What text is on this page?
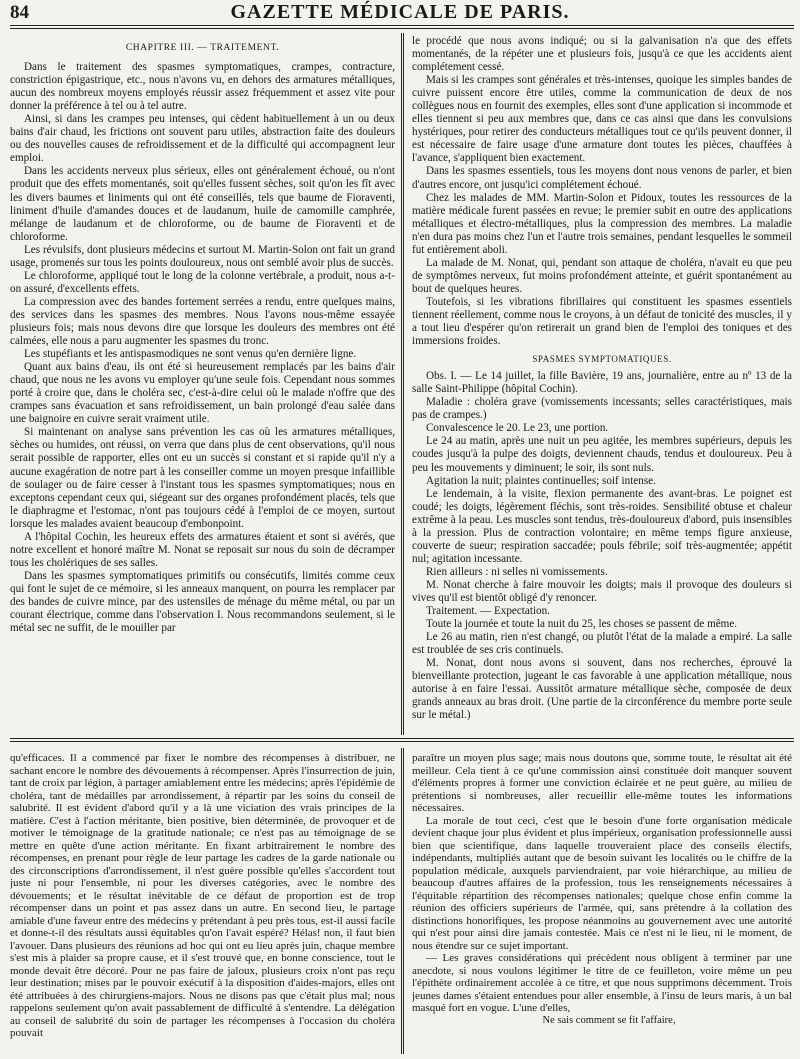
84	GAZETTE MÉDICALE DE PARIS.
CHAPITRE III. — TRAITEMENT.

Dans le traitement des spasmes symptomatiques, crampes, contracture, constriction épigastrique, etc., nous n'avons vu, en dehors des armatures métalliques, aucun des nombreux moyens employés réussir assez fréquemment et assez vite pour donner la préférence à tel ou à tel autre.

Ainsi, si dans les crampes peu intenses, qui cèdent habituellement à un ou deux bains d'air chaud, les frictions ont souvent paru utiles, abstraction faite des douleurs ou des nouvelles causes de refroidissement et de la difficulté qui accompagnent leur emploi.

Dans les accidents nerveux plus sérieux, elles ont généralement échoué, ou n'ont produit que des effets momentanés, soit qu'elles fussent sèches, soit qu'on les fît avec les divers baumes et liniments qui ont été conseillés, tels que baume de Fioraventi, liniment d'huile d'amandes douces et de laudanum, huile de camomille camphrée, mélange de laudanum et de chloroforme, ou de baume de Fioraventi et de chloroforme.

Les révulsifs, dont plusieurs médecins et surtout M. Martin-Solon ont fait un grand usage, promenés sur tous les points douloureux, nous ont semblé avoir plus de succès.

Le chloroforme, appliqué tout le long de la colonne vertébrale, a produit, nous a-t-on assuré, d'excellents effets.

La compression avec des bandes fortement serrées a rendu, entre quelques mains, des services dans les spasmes des membres. Nous l'avons nous-même essayée plusieurs fois; mais nous devons dire que lorsque les douleurs des membres ont été calmées, elle nous a paru augmenter les spasmes du tronc.

Les stupéfiants et les antispasmodiques ne sont venus qu'en dernière ligne.

Quant aux bains d'eau, ils ont été si heureusement remplacés par les bains d'air chaud, que nous ne les avons vu employer qu'une seule fois. Cependant nous sommes porté à croire que, dans le choléra sec, c'est-à-dire celui où le malade n'offre que des crampes sans évacuation et sans refroidissement, un bain prolongé d'eau salée dans une baignoire en cuivre serait vraiment utile.

Si maintenant on analyse sans prévention les cas où les armatures métalliques, sèches ou humides, ont réussi, on verra que dans plus de cent observations, qu'il nous serait possible de rapporter, elles ont eu un succès si constant et si rapide qu'il n'y a aucune exagération de notre part à les conseiller comme un moyen presque infaillible de soulager ou de faire cesser à l'instant tous les spasmes symptomatiques; nous en exceptons cependant ceux qui, siégeant sur des organes profondément placés, tels que le diaphragme et l'estomac, n'ont pas toujours cédé à l'emploi de ce moyen, surtout lorsque les malades avaient beaucoup d'embonpoint.

A l'hôpital Cochin, les heureux effets des armatures étaient et sont si avérés, que notre excellent et honoré maître M. Nonat se reposait sur nous du soin de décramper tous les cholériques de ses salles.

Dans les spasmes symptomatiques primitifs ou consécutifs, limités comme ceux qui font le sujet de ce mémoire, si les anneaux manquent, on pourra les remplacer par des bandes de cuivre mince, par des ustensiles de ménage du même métal, ou par un courant électrique, comme dans l'observation I. Nous recommandons seulement, si le métal sec ne suffit, de le mouiller par

le procédé que nous avons indiqué; ou si la galvanisation n'a que des effets momentanés, de la répéter une et plusieurs fois, jusqu'à ce que les accidents aient complétement cessé.

Mais si les crampes sont générales et très-intenses, quoique les simples bandes de cuivre puissent encore être utiles, comme la communication de deux de nos collègues nous en fournit des exemples, elles sont d'une application si incommode et elles tiennent si peu aux membres que, dans ce cas ainsi que dans les convulsions hystériques, pour retirer des conducteurs métalliques tout ce qu'ils peuvent donner, il est nécessaire de faire usage d'une armature dont toutes les pièces, chauffées à l'avance, s'appliquent bien exactement.

Dans les spasmes essentiels, tous les moyens dont nous venons de parler, et bien d'autres encore, ont jusqu'ici complétement échoué.

Chez les malades de MM. Martin-Solon et Pidoux, toutes les ressources de la matière médicale furent passées en revue; le premier subit en outre des applications métalliques et électro-métalliques, plus la compression des membres. La maladie n'en dura pas moins chez l'un et l'autre trois semaines, pendant lesquelles le sommeil fut entièrement aboli.

La malade de M. Nonat, qui, pendant son attaque de choléra, n'avait eu que peu de symptômes nerveux, fut moins profondément atteinte, et guérit spontanément au bout de quelques heures.

Toutefois, si les vibrations fibrillaires qui constituent les spasmes essentiels tiennent réellement, comme nous le croyons, à un défaut de tonicité des muscles, il y a tout lieu d'espérer qu'on retirerait un grand bien de l'emploi des toniques et des immersions froides.

SPASMES SYMPTOMATIQUES.

Obs. I. — Le 14 juillet, la fille Bavière, 19 ans, journalière, entre au nº 13 de la salle Saint-Philippe (hôpital Cochin).

Maladie : choléra grave (vomissements incessants; selles caractéristiques, mais pas de crampes.)

Convalescence le 20. Le 23, une portion.

Le 24 au matin, après une nuit un peu agitée, les membres supérieurs, depuis les coudes jusqu'à la pulpe des doigts, deviennent chauds, tendus et douloureux. Peu à peu les mouvements y diminuent; le soir, ils sont nuls.

Agitation la nuit; plaintes continuelles; soif intense.

Le lendemain, à la visite, flexion permanente des avant-bras. Le poignet est coudé; les doigts, légèrement fléchis, sont très-roides. Sensibilité obtuse et chaleur extrême à la peau. Les muscles sont tendus, très-douloureux d'abord, puis insensibles à la pression. Plus de contraction volontaire; en même temps figure anxieuse, couverte de sueur; respiration saccadée; pouls fébrile; soif très-augmentée; appétit nul; agitation incessante.

Rien ailleurs : ni selles ni vomissements.

M. Nonat cherche à faire mouvoir les doigts; mais il provoque des douleurs si vives qu'il est bientôt obligé d'y renoncer.

Traitement. — Expectation.

Toute la journée et toute la nuit du 25, les choses se passent de même.

Le 26 au matin, rien n'est changé, ou plutôt l'état de la malade a empiré. La salle est troublée de ses cris continuels.

M. Nonat, dont nous avons si souvent, dans nos recherches, éprouvé la bienveillante protection, jugeant le cas favorable à une application métallique, nous autorise à en faire l'essai. Aussitôt armature métallique sèche, composée de deux grands anneaux au bras droit. (Une partie de la circonférence du membre porte seule sur le métal.)

qu'efficaces. Il a commencé par fixer le nombre des récompenses à distribuer, ne sachant encore le nombre des dévouements à récompenser. Après l'insurrection de juin, tant de croix par légion, à partager amiablement entre les médecins; après l'épidémie de choléra, tant de médailles par arrondissement, à répartir par les soins du conseil de salubrité. Il est évident d'abord qu'il y a là une viciation des vrais principes de la matière. C'est à l'action méritante, bien positive, bien déterminée, de provoquer et de motiver le témoignage de la gratitude nationale; ce n'est pas au témoignage de se mettre en quête d'une action méritante. En fixant arbitrairement le nombre des récompenses, en prenant pour règle de leur partage les cadres de la garde nationale ou des circonscriptions d'arrondissement, il n'est guère possible qu'elles s'accordent tout juste ni pour l'ensemble, ni pour les diverses catégories, avec le nombre des dévouements; et le résultat inévitable de ce défaut de proportion est de trop récompenser dans un point et pas assez dans un autre. En second lieu, le partage amiable d'une faveur entre des médecins y prétendant à peu près tous, est-il aussi facile et donne-t-il des résultats aussi équitables qu'on l'avait espéré? Hélas! non, il faut bien l'avouer. Dans plusieurs des réunions ad hoc qui ont eu lieu après juin, chaque membre s'est mis à plaider sa propre cause, et il s'est trouvé que, en bonne conscience, tout le monde devait être décoré. Pour ne pas faire de jaloux, plusieurs croix n'ont pas reçu leur destination; mises par le pouvoir exécutif à la disposition d'aides-majors, elles ont été attribuées à des chirurgiens-majors. Nous ne disons pas que c'était plus mal; nous rappelons seulement qu'on avait passablement de difficulté à s'entendre. La délégation au conseil de salubrité du soin de partager les récompenses à l'occasion du choléra pouvait

paraître un moyen plus sage; mais nous doutons que, somme toute, le résultat ait été meilleur. Cela tient à ce qu'une commission ainsi constituée doit manquer souvent d'éléments propres à former une conviction éclairée et ne peut guère, au milieu de prétentions si nombreuses, aller recueillir elle-même toutes les informations nécessaires.

La morale de tout ceci, c'est que le besoin d'une forte organisation médicale devient chaque jour plus évident et plus impérieux, organisation professionnelle aussi bien que scientifique, dans laquelle trouveraient place des conseils électifs, indépendants, multipliés autant que de besoin suivant les localités ou le chiffre de la population médicale, auxquels parviendraient, par voie hiérarchique, au milieu de beaucoup d'autres affaires de la profession, tous les renseignements nécessaires à l'équitable répartition des récompenses nationales; quelque chose enfin comme la réunion des officiers supérieurs de l'armée, qui, sans prétendre à la collation des distinctions honorifiques, les propose néanmoins au gouvernement avec une autorité qui n'est pour ainsi dire jamais contestée. Mais ce n'est ni le lieu, ni le moment, de nous étendre sur ce sujet important.

— Les graves considérations qui précèdent nous obligent à terminer par une anecdote, si nous voulons légitimer le titre de ce feuilleton, voire même un peu l'épithète ordinairement accolée à ce titre, et que nous supprimons décemment. Trois jeunes dames s'étaient entendues pour aller ensemble, à l'insu de leurs maris, à un bal masqué fort en vogue. L'une d'elles,

Ne sais comment se fit l'affaire,
